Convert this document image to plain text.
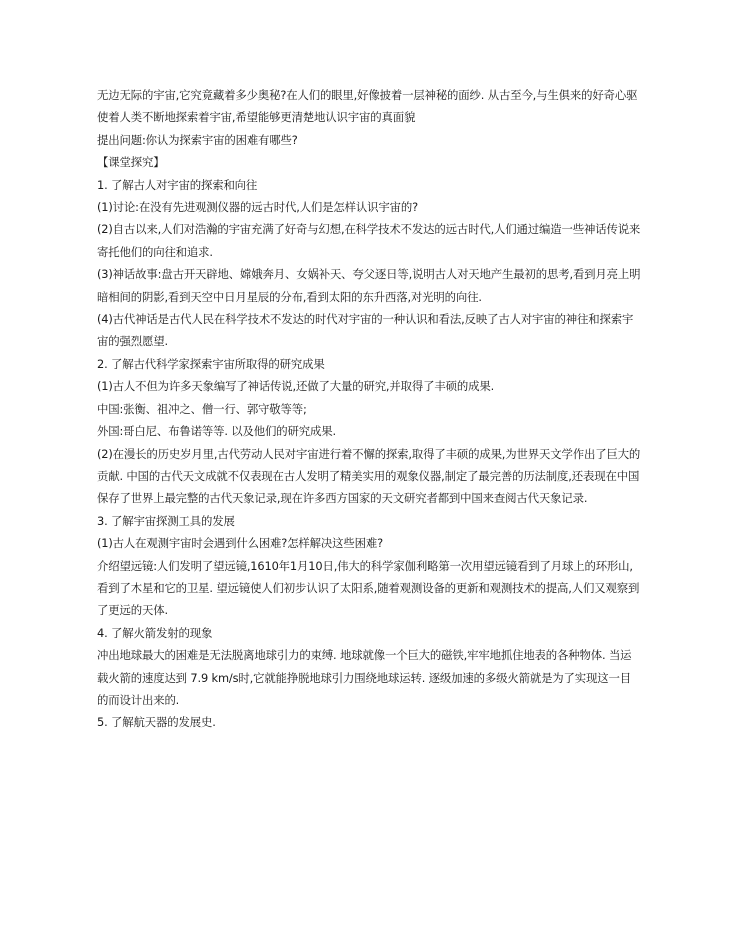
无边无际的宇宙,它究竟藏着多少奥秘?在人们的眼里,好像披着一层神秘的面纱. 从古至今,与生俱来的好奇心驱使着人类不断地探索着宇宙,希望能够更清楚地认识宇宙的真面貌

提出问题:你认为探索宇宙的困难有哪些?

【课堂探究】

1. 了解古人对宇宙的探索和向往

(1)讨论:在没有先进观测仪器的远古时代,人们是怎样认识宇宙的?

(2)自古以来,人们对浩瀚的宇宙充满了好奇与幻想,在科学技术不发达的远古时代,人们通过编造一些神话传说来寄托他们的向往和追求.

(3)神话故事:盘古开天辟地、嫦娥奔月、女娲补天、夸父逐日等,说明古人对天地产生最初的思考,看到月亮上明暗相间的阴影,看到天空中日月星辰的分布,看到太阳的东升西落,对光明的向往.

(4)古代神话是古代人民在科学技术不发达的时代对宇宙的一种认识和看法,反映了古人对宇宙的神往和探索宇宙的强烈愿望.

2. 了解古代科学家探索宇宙所取得的研究成果

(1)古人不但为许多天象编写了神话传说,还做了大量的研究,并取得了丰硕的成果.

中国:张衡、祖冲之、僧一行、郭守敬等等;

外国:哥白尼、布鲁诺等等. 以及他们的研究成果.

(2)在漫长的历史岁月里,古代劳动人民对宇宙进行着不懈的探索,取得了丰硕的成果,为世界天文学作出了巨大的贡献. 中国的古代天文成就不仅表现在古人发明了精美实用的观象仪器,制定了最完善的历法制度,还表现在中国保存了世界上最完整的古代天象记录,现在许多西方国家的天文研究者都到中国来查阅古代天象记录.

3. 了解宇宙探测工具的发展

(1)古人在观测宇宙时会遇到什么困难?怎样解决这些困难?

介绍望远镜:人们发明了望远镜,1610年1月10日,伟大的科学家伽利略第一次用望远镜看到了月球上的环形山,看到了木星和它的卫星. 望远镜使人们初步认识了太阳系,随着观测设备的更新和观测技术的提高,人们又观察到了更远的天体.

4. 了解火箭发射的现象

冲出地球最大的困难是无法脱离地球引力的束缚. 地球就像一个巨大的磁铁,牢牢地抓住地表的各种物体. 当运载火箭的速度达到 7.9 km/s时,它就能挣脱地球引力围绕地球运转. 逐级加速的多级火箭就是为了实现这一目的而设计出来的.

5. 了解航天器的发展史.
